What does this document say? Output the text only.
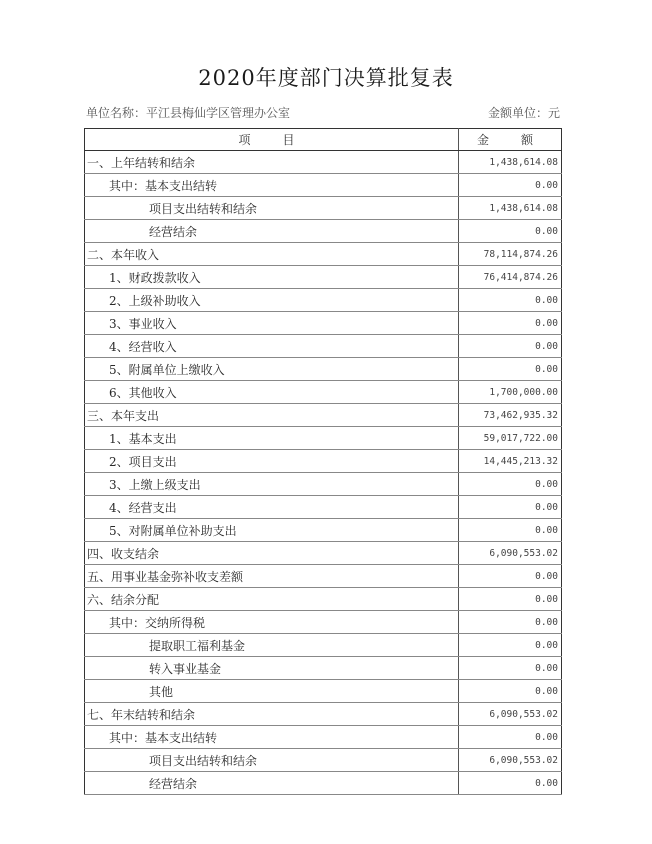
2020年度部门决算批复表
单位名称：平江县梅仙学区管理办公室	金额单位：元
项　目	金　额
一、上年结转和结余	1,438,614.08
其中：基本支出结转	0.00
项目支出结转和结余	1,438,614.08
经营结余	0.00
二、本年收入	78,114,874.26
1、财政拨款收入	76,414,874.26
2、上级补助收入	0.00
3、事业收入	0.00
4、经营收入	0.00
5、附属单位上缴收入	0.00
6、其他收入	1,700,000.00
三、本年支出	73,462,935.32
1、基本支出	59,017,722.00
2、项目支出	14,445,213.32
3、上缴上级支出	0.00
4、经营支出	0.00
5、对附属单位补助支出	0.00
四、收支结余	6,090,553.02
五、用事业基金弥补收支差额	0.00
六、结余分配	0.00
其中：交纳所得税	0.00
提取职工福利基金	0.00
转入事业基金	0.00
其他	0.00
七、年末结转和结余	6,090,553.02
其中：基本支出结转	0.00
项目支出结转和结余	6,090,553.02
经营结余	0.00
